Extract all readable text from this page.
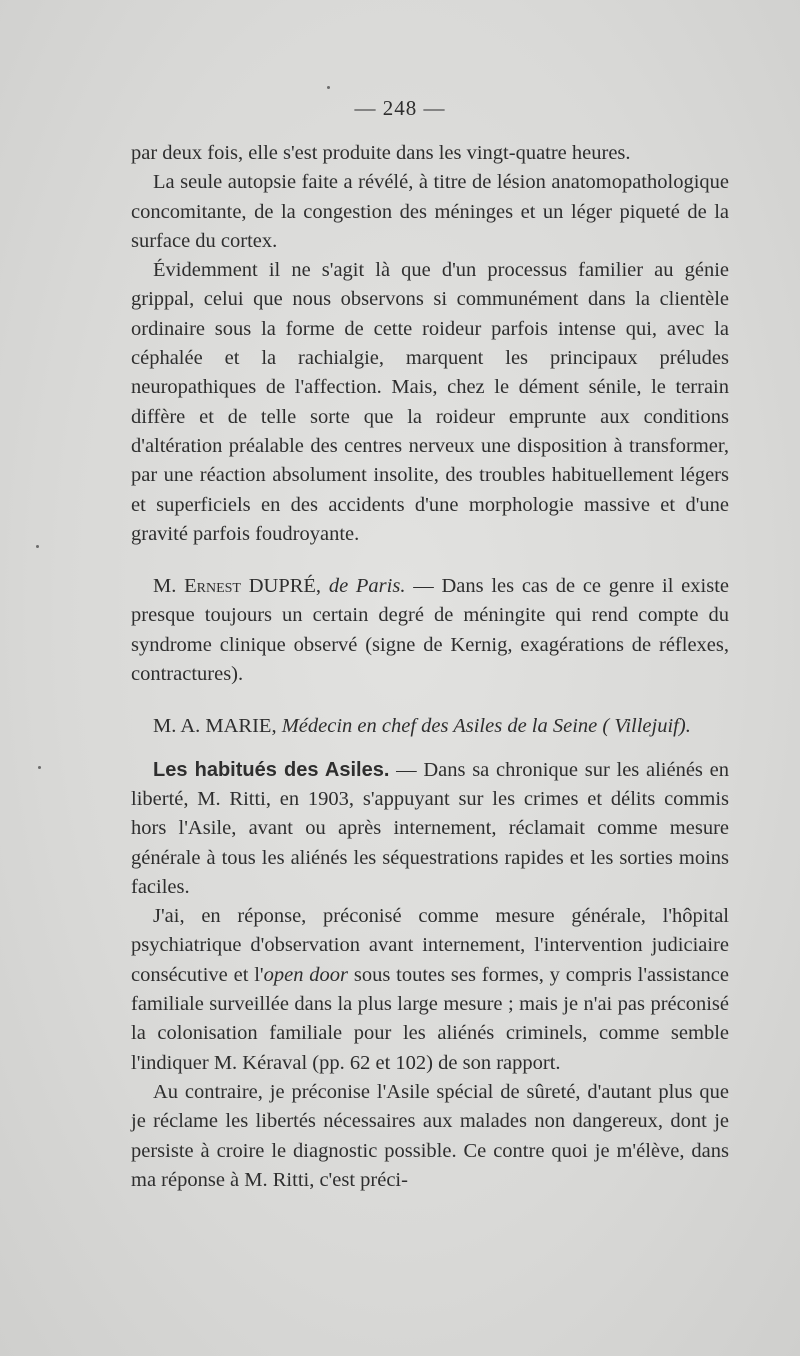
— 248 —

par deux fois, elle s'est produite dans les vingt-quatre heures.

La seule autopsie faite a révélé, à titre de lésion anatomopathologique concomitante, de la congestion des méninges et un léger piqueté de la surface du cortex.

Évidemment il ne s'agit là que d'un processus familier au génie grippal, celui que nous observons si communément dans la clientèle ordinaire sous la forme de cette roideur parfois intense qui, avec la céphalée et la rachialgie, marquent les principaux préludes neuropathiques de l'affection. Mais, chez le dément sénile, le terrain diffère et de telle sorte que la roideur emprunte aux conditions d'altération préalable des centres nerveux une disposition à transformer, par une réaction absolument insolite, des troubles habituellement légers et superficiels en des accidents d'une morphologie massive et d'une gravité parfois foudroyante.

M. Ernest DUPRÉ, de Paris. — Dans les cas de ce genre il existe presque toujours un certain degré de méningite qui rend compte du syndrome clinique observé (signe de Kernig, exagérations de réflexes, contractures).

M. A. MARIE, Médecin en chef des Asiles de la Seine ( Villejuif).

Les habitués des Asiles. — Dans sa chronique sur les aliénés en liberté, M. Ritti, en 1903, s'appuyant sur les crimes et délits commis hors l'Asile, avant ou après internement, réclamait comme mesure générale à tous les aliénés les séquestrations rapides et les sorties moins faciles.

J'ai, en réponse, préconisé comme mesure générale, l'hôpital psychiatrique d'observation avant internement, l'intervention judiciaire consécutive et l'open door sous toutes ses formes, y compris l'assistance familiale surveillée dans la plus large mesure ; mais je n'ai pas préconisé la colonisation familiale pour les aliénés criminels, comme semble l'indiquer M. Kéraval (pp. 62 et 102) de son rapport.

Au contraire, je préconise l'Asile spécial de sûreté, d'autant plus que je réclame les libertés nécessaires aux malades non dangereux, dont je persiste à croire le diagnostic possible. Ce contre quoi je m'élève, dans ma réponse à M. Ritti, c'est préci-
